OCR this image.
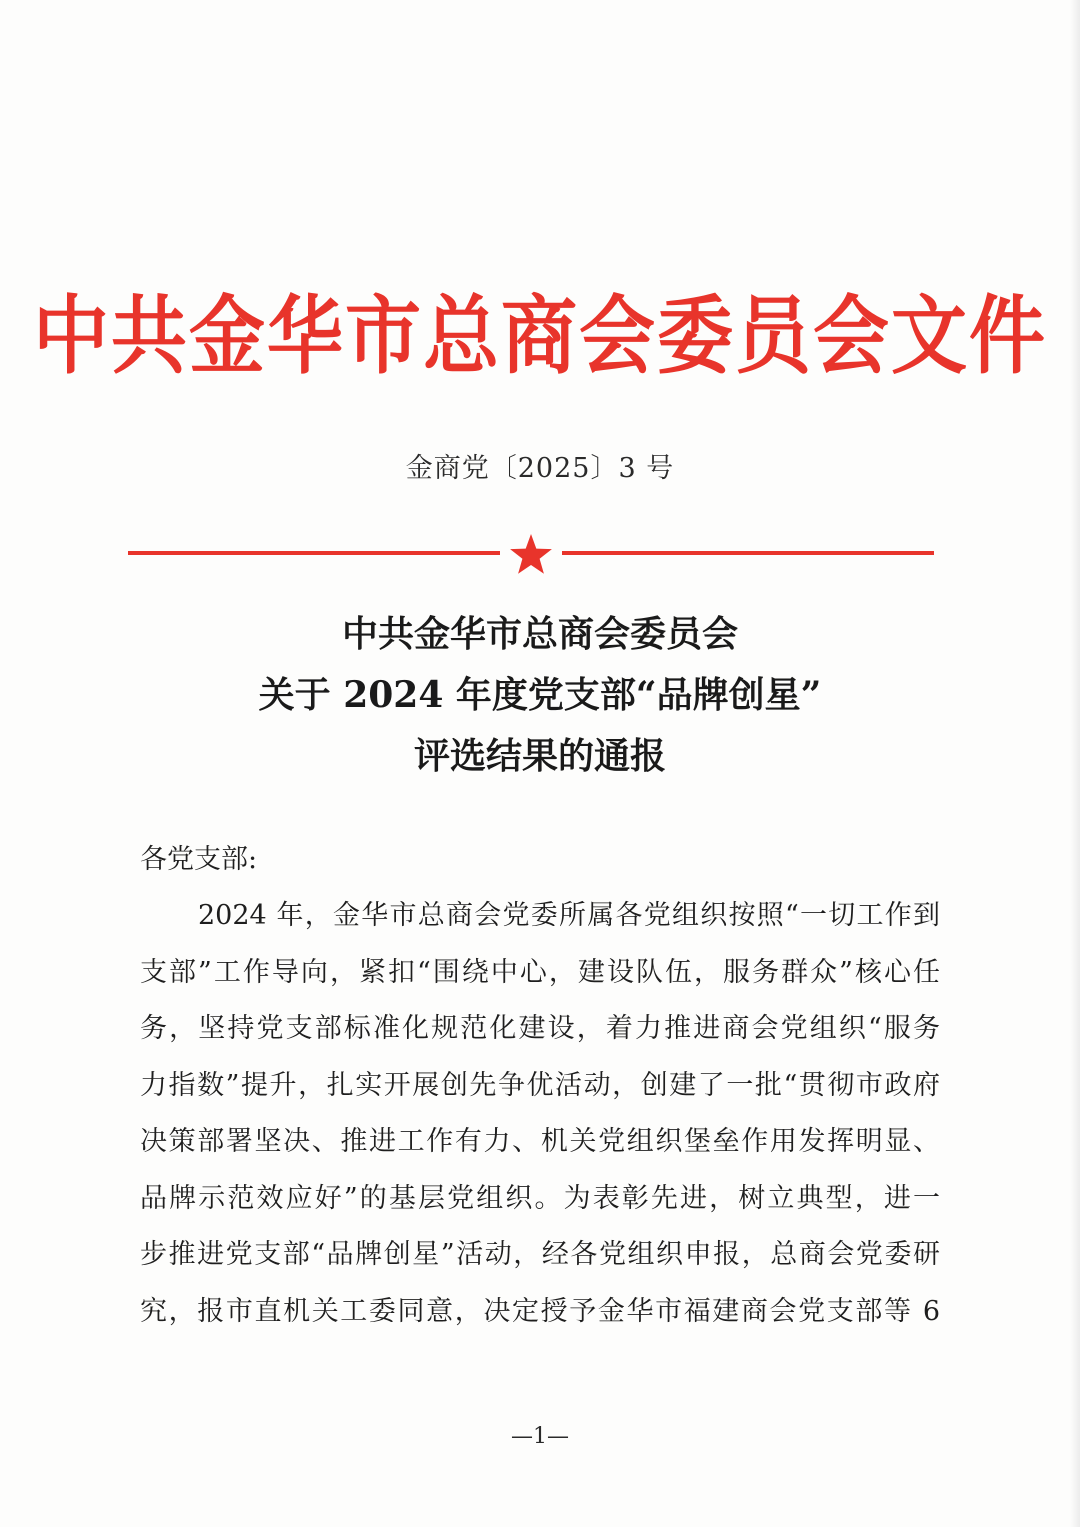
中共金华市总商会委员会文件
金商党〔2025〕3 号
中共金华市总商会委员会
关于 2024 年度党支部“品牌创星”
评选结果的通报
各党支部:
2024 年，金华市总商会党委所属各党组织按照“一切工作到
支部”工作导向，紧扣“围绕中心，建设队伍，服务群众”核心任
务，坚持党支部标准化规范化建设，着力推进商会党组织“服务
力指数”提升，扎实开展创先争优活动，创建了一批“贯彻市政府
决策部署坚决、推进工作有力、机关党组织堡垒作用发挥明显、
品牌示范效应好”的基层党组织。为表彰先进，树立典型，进一
步推进党支部“品牌创星”活动，经各党组织申报，总商会党委研
究，报市直机关工委同意，决定授予金华市福建商会党支部等 6
—1—
